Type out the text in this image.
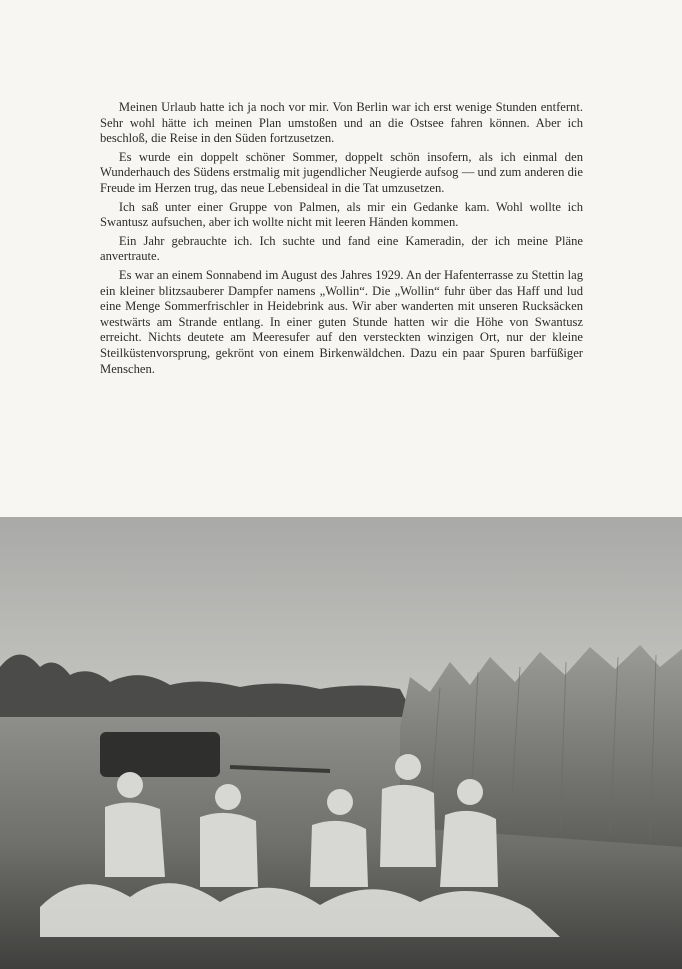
Meinen Urlaub hatte ich ja noch vor mir. Von Berlin war ich erst wenige Stunden entfernt. Sehr wohl hätte ich meinen Plan umstoßen und an die Ostsee fahren können. Aber ich beschloß, die Reise in den Süden fortzusetzen.

Es wurde ein doppelt schöner Sommer, doppelt schön insofern, als ich einmal den Wunderhauch des Südens erstmalig mit jugendlicher Neugierde aufsog — und zum anderen die Freude im Herzen trug, das neue Lebensideal in die Tat umzusetzen.

Ich saß unter einer Gruppe von Palmen, als mir ein Gedanke kam. Wohl wollte ich Swantusz aufsuchen, aber ich wollte nicht mit leeren Händen kommen.

Ein Jahr gebrauchte ich. Ich suchte und fand eine Kameradin, der ich meine Pläne anvertraute.

Es war an einem Sonnabend im August des Jahres 1929. An der Hafenterrasse zu Stettin lag ein kleiner blitzsauberer Dampfer namens „Wollin“. Die „Wollin“ fuhr über das Haff und lud eine Menge Sommerfrischler in Heidebrink aus. Wir aber wanderten mit unseren Rucksäcken westwärts am Strande entlang. In einer guten Stunde hatten wir die Höhe von Swantusz erreicht. Nichts deutete am Meeresufer auf den versteckten winzigen Ort, nur der kleine Steilküstenvorsprung, gekrönt von einem Birkenwäldchen. Dazu ein paar Spuren barfüßiger Menschen.
